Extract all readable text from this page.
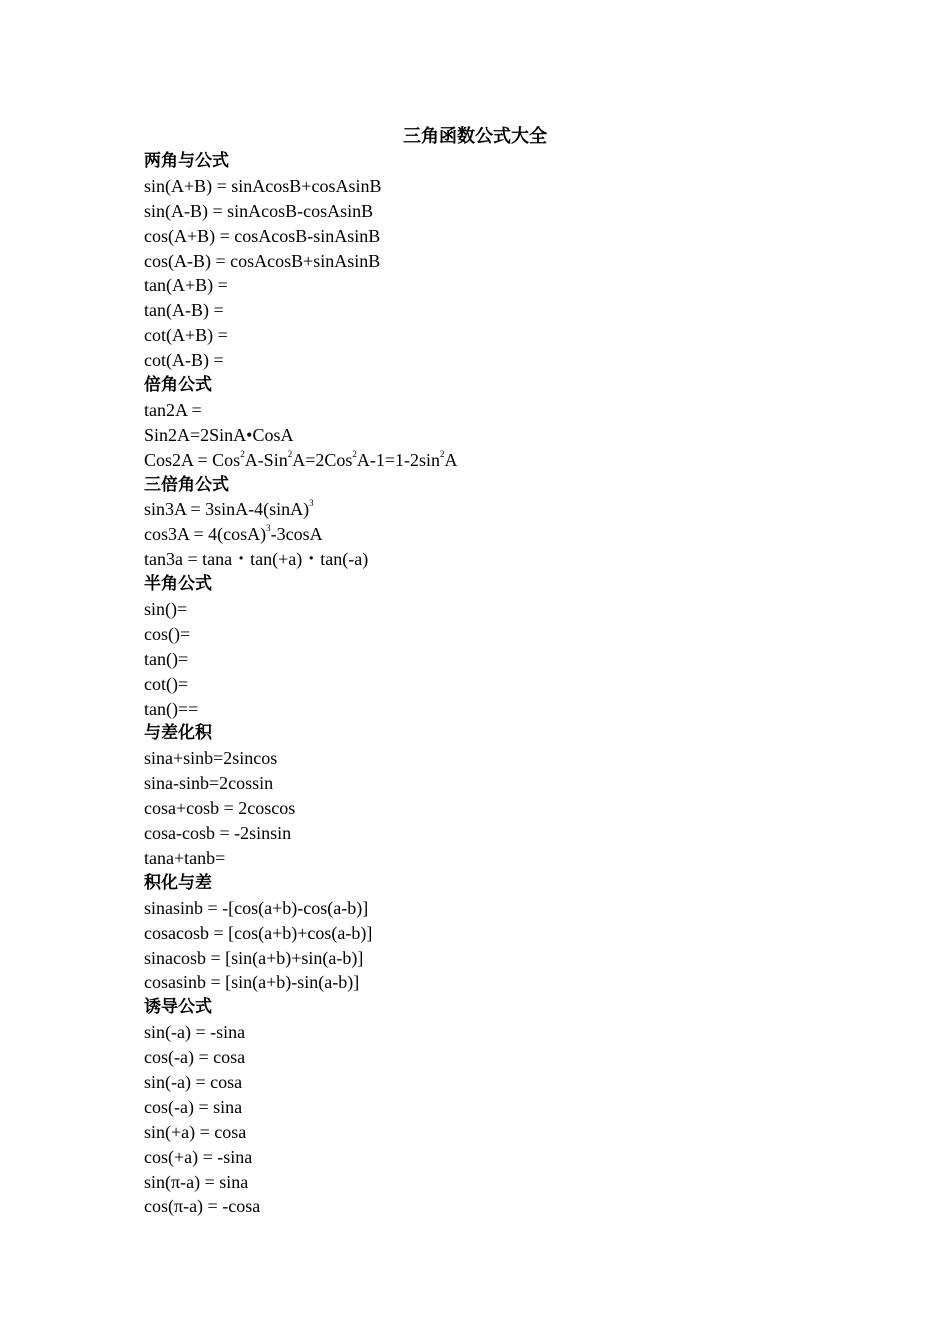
三角函数公式大全
两角与公式
sin(A+B) = sinAcosB+cosAsinB
sin(A-B) = sinAcosB-cosAsinB
cos(A+B) = cosAcosB-sinAsinB
cos(A-B) = cosAcosB+sinAsinB
tan(A+B) =
tan(A-B) =
cot(A+B) =
cot(A-B) =
倍角公式
tan2A =
Sin2A=2SinA•CosA
$Cos2A = Cos^2A-Sin^2A=2Cos^2A-1=1-2\sin^2A$
三倍角公式
$\sin 3A = 3\sin A-4(\sin A)^3$
$\cos 3A = 4(\cos A)^3-3\cos A$
tan3a = tana・tan(+a)・tan(-a)
半角公式
sin()=
cos()=
tan()=
cot()=
tan()==
与差化积
sina+sinb=2sincos
sina-sinb=2cossin
cosa+cosb = 2coscos
cosa-cosb = -2sinsin
tana+tanb=
积化与差
sinasinb = -[cos(a+b)-cos(a-b)]
cosacosb = [cos(a+b)+cos(a-b)]
sinacosb = [sin(a+b)+sin(a-b)]
cosasinb = [sin(a+b)-sin(a-b)]
诱导公式
sin(-a) = -sina
cos(-a) = cosa
sin(-a) = cosa
cos(-a) = sina
sin(+a) = cosa
cos(+a) = -sina
sin(π-a) = sina
cos(π-a) = -cosa
